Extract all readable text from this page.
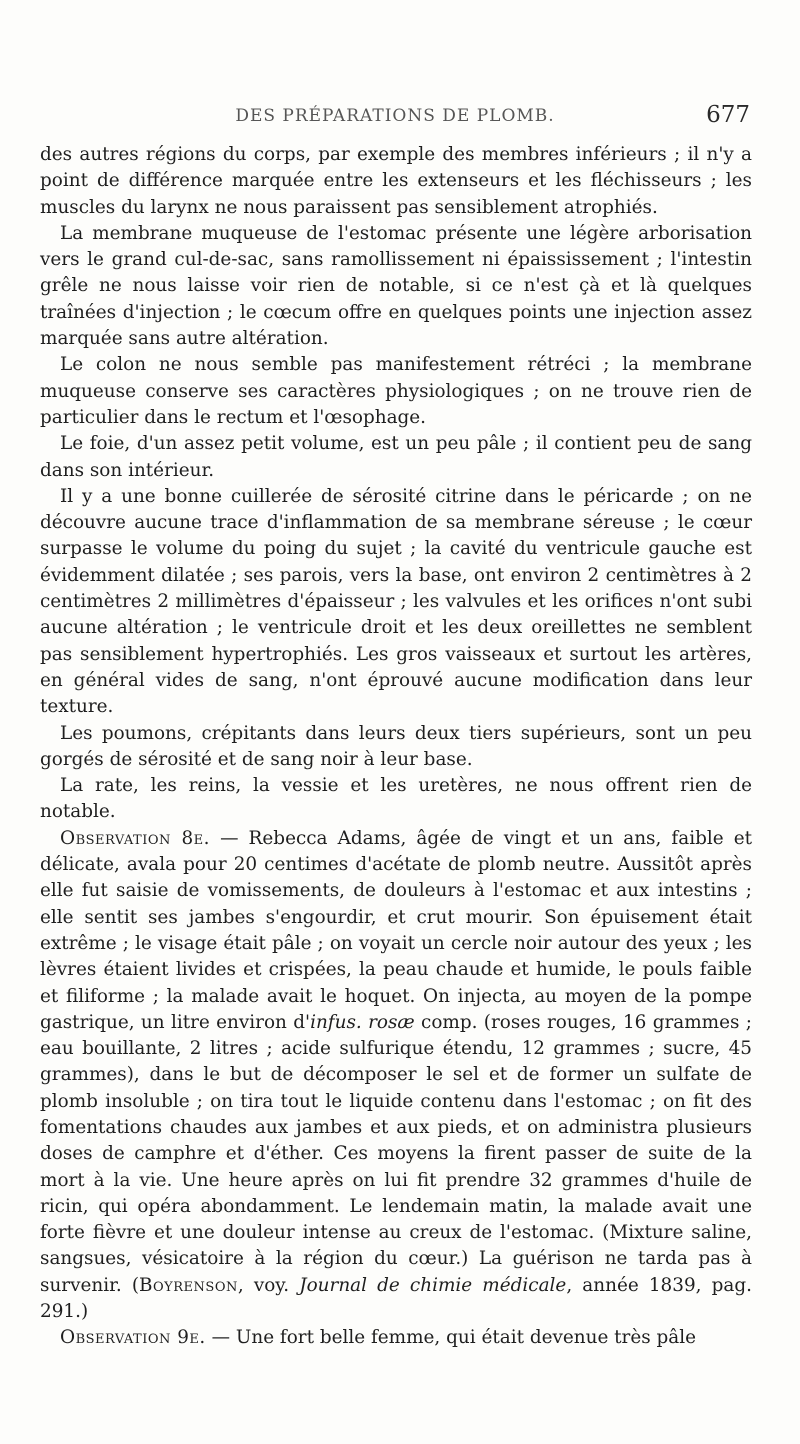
DES PRÉPARATIONS DE PLOMB.	677

des autres régions du corps, par exemple des membres inférieurs ; il n'y a point de différence marquée entre les extenseurs et les fléchisseurs ; les muscles du larynx ne nous paraissent pas sensiblement atrophiés.

La membrane muqueuse de l'estomac présente une légère arborisation vers le grand cul-de-sac, sans ramollissement ni épaississement ; l'intestin grêle ne nous laisse voir rien de notable, si ce n'est çà et là quelques traînées d'injection ; le cœcum offre en quelques points une injection assez marquée sans autre altération.

Le colon ne nous semble pas manifestement rétréci ; la membrane muqueuse conserve ses caractères physiologiques ; on ne trouve rien de particulier dans le rectum et l'œsophage.

Le foie, d'un assez petit volume, est un peu pâle ; il contient peu de sang dans son intérieur.

Il y a une bonne cuillerée de sérosité citrine dans le péricarde ; on ne découvre aucune trace d'inflammation de sa membrane séreuse ; le cœur surpasse le volume du poing du sujet ; la cavité du ventricule gauche est évidemment dilatée ; ses parois, vers la base, ont environ 2 centimètres à 2 centimètres 2 millimètres d'épaisseur ; les valvules et les orifices n'ont subi aucune altération ; le ventricule droit et les deux oreillettes ne semblent pas sensiblement hypertrophiés. Les gros vaisseaux et surtout les artères, en général vides de sang, n'ont éprouvé aucune modification dans leur texture.

Les poumons, crépitants dans leurs deux tiers supérieurs, sont un peu gorgés de sérosité et de sang noir à leur base.

La rate, les reins, la vessie et les uretères, ne nous offrent rien de notable.

Observation 8e. — Rebecca Adams, âgée de vingt et un ans, faible et délicate, avala pour 20 centimes d'acétate de plomb neutre. Aussitôt après elle fut saisie de vomissements, de douleurs à l'estomac et aux intestins ; elle sentit ses jambes s'engourdir, et crut mourir. Son épuisement était extrême ; le visage était pâle ; on voyait un cercle noir autour des yeux ; les lèvres étaient livides et crispées, la peau chaude et humide, le pouls faible et filiforme ; la malade avait le hoquet. On injecta, au moyen de la pompe gastrique, un litre environ d'infus. rosæ comp. (roses rouges, 16 grammes ; eau bouillante, 2 litres ; acide sulfurique étendu, 12 grammes ; sucre, 45 grammes), dans le but de décomposer le sel et de former un sulfate de plomb insoluble ; on tira tout le liquide contenu dans l'estomac ; on fit des fomentations chaudes aux jambes et aux pieds, et on administra plusieurs doses de camphre et d'éther. Ces moyens la firent passer de suite de la mort à la vie. Une heure après on lui fit prendre 32 grammes d'huile de ricin, qui opéra abondamment. Le lendemain matin, la malade avait une forte fièvre et une douleur intense au creux de l'estomac. (Mixture saline, sangsues, vésicatoire à la région du cœur.) La guérison ne tarda pas à survenir. (Boyrenson, voy. Journal de chimie médicale, année 1839, pag. 291.)

Observation 9e. — Une fort belle femme, qui était devenue très pâle
